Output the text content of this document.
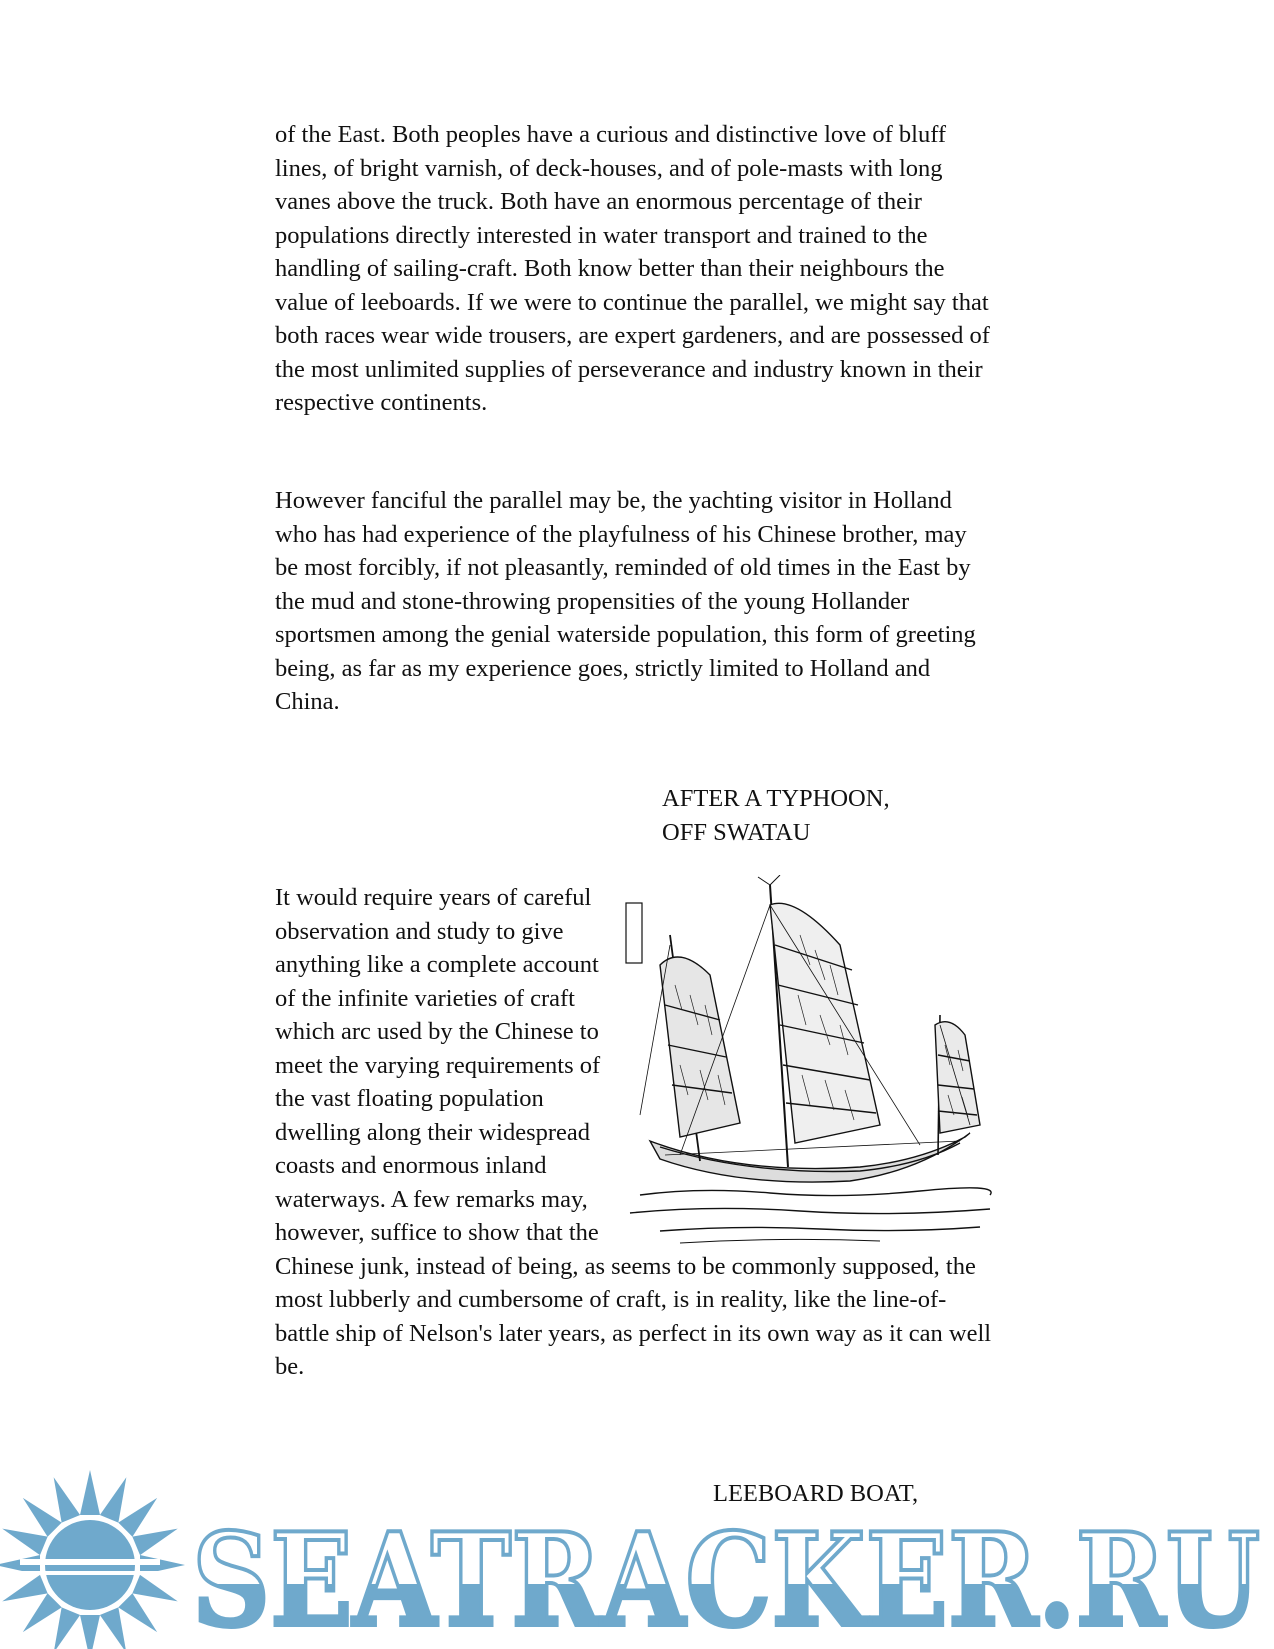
of the East. Both peoples have a curious and distinctive love of bluff lines, of bright varnish, of deck-houses, and of pole-masts with long vanes above the truck. Both have an enormous percentage of their populations directly interested in water transport and trained to the handling of sailing-craft. Both know better than their neighbours the value of leeboards. If we were to continue the parallel, we might say that both races wear wide trousers, are expert gardeners, and are possessed of the most unlimited supplies of perseverance and industry known in their respective continents.

However fanciful the parallel may be, the yachting visitor in Holland who has had experience of the playfulness of his Chinese brother, may be most forcibly, if not pleasantly, reminded of old times in the East by the mud and stone-throwing propensities of the young Hollander sportsmen among the genial waterside population, this form of greeting being, as far as my experience goes, strictly limited to Holland and China.

AFTER A TYPHOON,
OFF SWATAU

It would require years of careful observation and study to give anything like a complete account of the infinite varieties of craft which arc used by the Chinese to meet the varying requirements of the vast floating population dwelling along their widespread coasts and enormous inland waterways. A few remarks may, however, suffice to show that the Chinese junk, instead of being, as seems to be commonly supposed, the most lubberly and cumbersome of craft, is in reality, like the line-of-battle ship of Nelson's later years, as perfect in its own way as it can well be.

LEEBOARD BOAT,
SEATRACKER.RU
